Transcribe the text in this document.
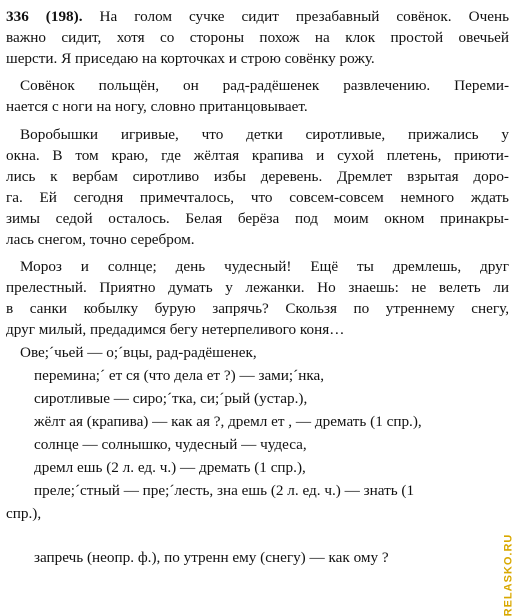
336 (198). На голом сучке сидит презабавный совёнок. Очень
важно сидит, хотя со стороны похож на клок простой овечьей
шерсти. Я приседаю на корточках и строю совёнку рожу.
Совёнок польщён, он рад-радёшенек развлечению. Переми-
нается с ноги на ногу, словно пританцовывает.
Воробышки игривые, что детки сиротливые, прижались у
окна. В том краю, где жёлтая крапива и сухой плетень, приюти-
лись к вербам сиротливо избы деревень. Дремлет взрытая доро-
га. Ей сегодня примечталось, что совсем-совсем немного ждать
зимы седой осталось. Белая берёза под моим окном принакры-
лась снегом, точно серебром.
Мороз и солнце; день чудесный! Ещё ты дремлешь, друг
прелестный. Приятно думать у лежанки. Но знаешь: не велеть ли
в санки кобылку бурую запрячь? Скользя по утреннему снегу,
друг милый, предадимся бегу нетерпеливого коня…
Ове;´чьей — о;´вцы, рад-радёшенек,
перемина;´ ет ся (что дела ет ?) — зами;´нка,
сиротливые — сиро;´тка, си;´рый (устар.),
жёлт ая (крапива) — как ая ?, дремл ет , — дремать (1 спр.),
солнце — солнышко, чудесный — чудеса,
дремл ешь (2 л. ед. ч.) — дремать (1 спр.),
преле;´стный — пре;´лесть, зна ешь (2 л. ед. ч.) — знать (1
спр.),
запречь (неопр. ф.), по утренн ему (снегу) — как ому ?	RELASKO.RU
